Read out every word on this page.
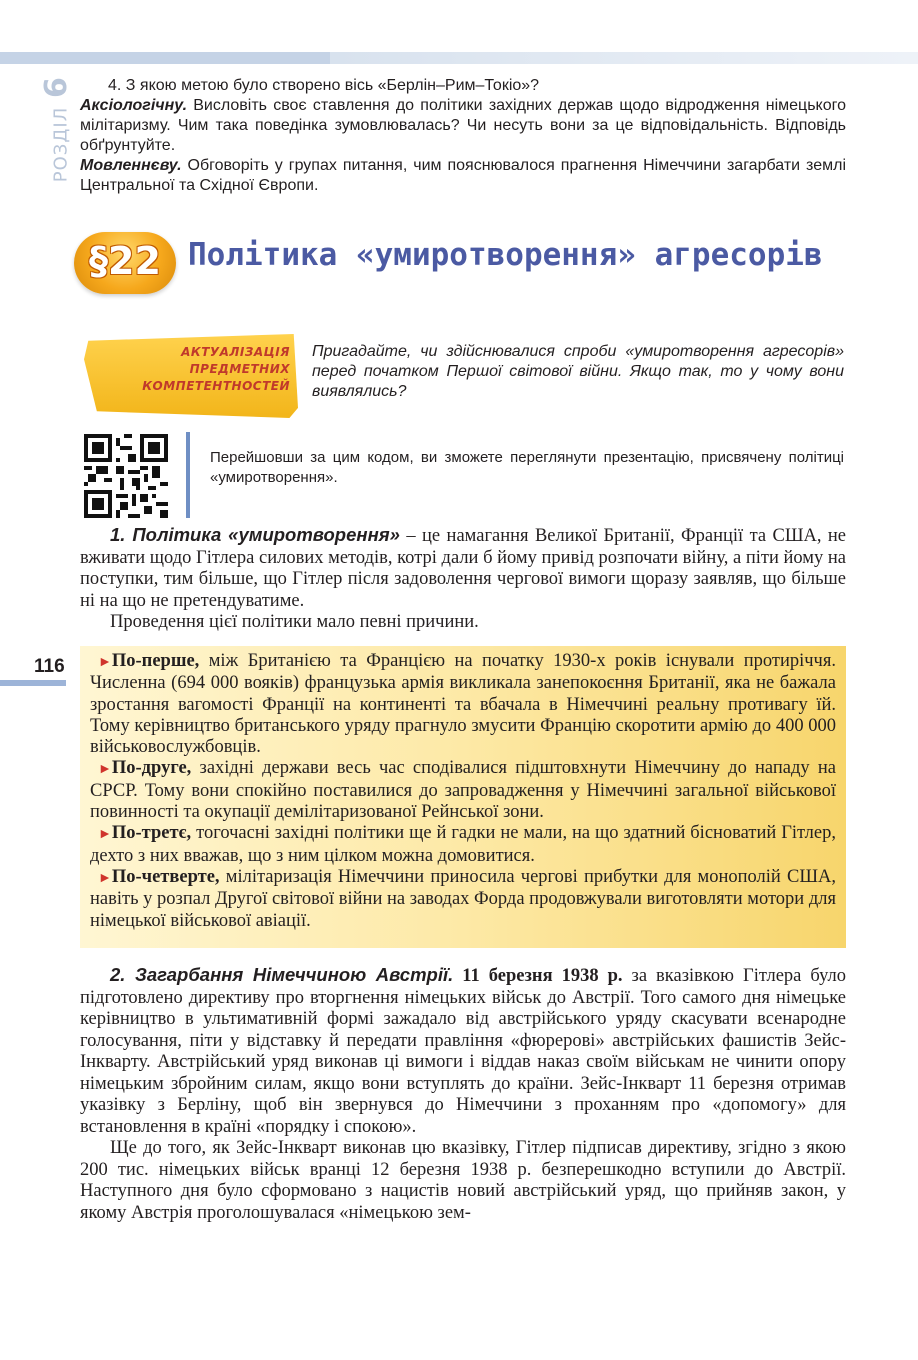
6
РОЗДІЛ

4. З якою метою було створено вісь «Берлін–Рим–Токіо»?

Аксіологічну. Висловіть своє ставлення до політики західних держав щодо відродження німецького мілітаризму. Чим така поведінка зумовлювалась? Чи несуть вони за це відповідальність. Відповідь обґрунтуйте.

Мовленнєву. Обговоріть у групах питання, чим пояснювалося прагнення Німеччини загарбати землі Центральної та Східної Європи.

§22 Політика «умиротворення» агресорів
АКТУАЛІЗАЦІЯ
ПРЕДМЕТНИХ
КОМПЕТЕНТНОСТЕЙ
Пригадайте, чи здійснювалися спроби «умиротворення агресорів» перед початком Першої світової війни. Якщо так, то у чому вони виявлялись?
Перейшовши за цим кодом, ви зможете переглянути презентацію, присвячену політиці «умиротворення».

1. Політика «умиротворення» – це намагання Великої Британії, Франції та США, не вживати щодо Гітлера силових методів, котрі дали б йому привід розпочати війну, а піти йому на поступки, тим більше, що Гітлер після задоволення чергової вимоги щоразу заявляв, що більше ні на що не претендуватиме.

Проведення цієї політики мало певні причини.

116	►По-перше, між Британією та Францією на початку 1930-х років існували протиріччя. Численна (694 000 вояків) французька армія викликала занепокоєння Британії, яка не бажала зростання вагомості Франції на континенті та вбачала в Німеччині реальну противагу їй. Тому керівництво британського уряду прагнуло змусити Францію скоротити армію до 400 000 військовослужбовців.

►По-друге, західні держави весь час сподівалися підштовхнути Німеччину до нападу на СРСР. Тому вони спокійно поставилися до запровадження у Німеччині загальної військової повинності та окупації демілітаризованої Рейнської зони.

►По-третє, тогочасні західні політики ще й гадки не мали, на що здатний бісноватий Гітлер, дехто з них вважав, що з ним цілком можна домовитися.

►По-четверте, мілітаризація Німеччини приносила чергові прибутки для монополій США, навіть у розпал Другої світової війни на заводах Форда продовжували виготовляти мотори для німецької військової авіації.

2. Загарбання Німеччиною Австрії. 11 березня 1938 р. за вказівкою Гітлера було підготовлено директиву про вторгнення німецьких військ до Австрії. Того самого дня німецьке керівництво в ультимативній формі зажадало від австрійського уряду скасувати всенародне голосування, піти у відставку й передати правління «фюрерові» австрійських фашистів Зейс-Інкварту. Австрійський уряд виконав ці вимоги і віддав наказ своїм військам не чинити опору німецьким збройним силам, якщо вони вступлять до країни. Зейс-Інкварт 11 березня отримав указівку з Берліну, щоб він звернувся до Німеччини з проханням про «допомогу» для встановлення в країні «порядку і спокою».

Ще до того, як Зейс-Інкварт виконав цю вказівку, Гітлер підписав директиву, згідно з якою 200 тис. німецьких військ вранці 12 березня 1938 р. безперешкодно вступили до Австрії. Наступного дня було сформовано з нацистів новий австрійський уряд, що прийняв закон, у якому Австрія проголошувалася «німецькою зем-
